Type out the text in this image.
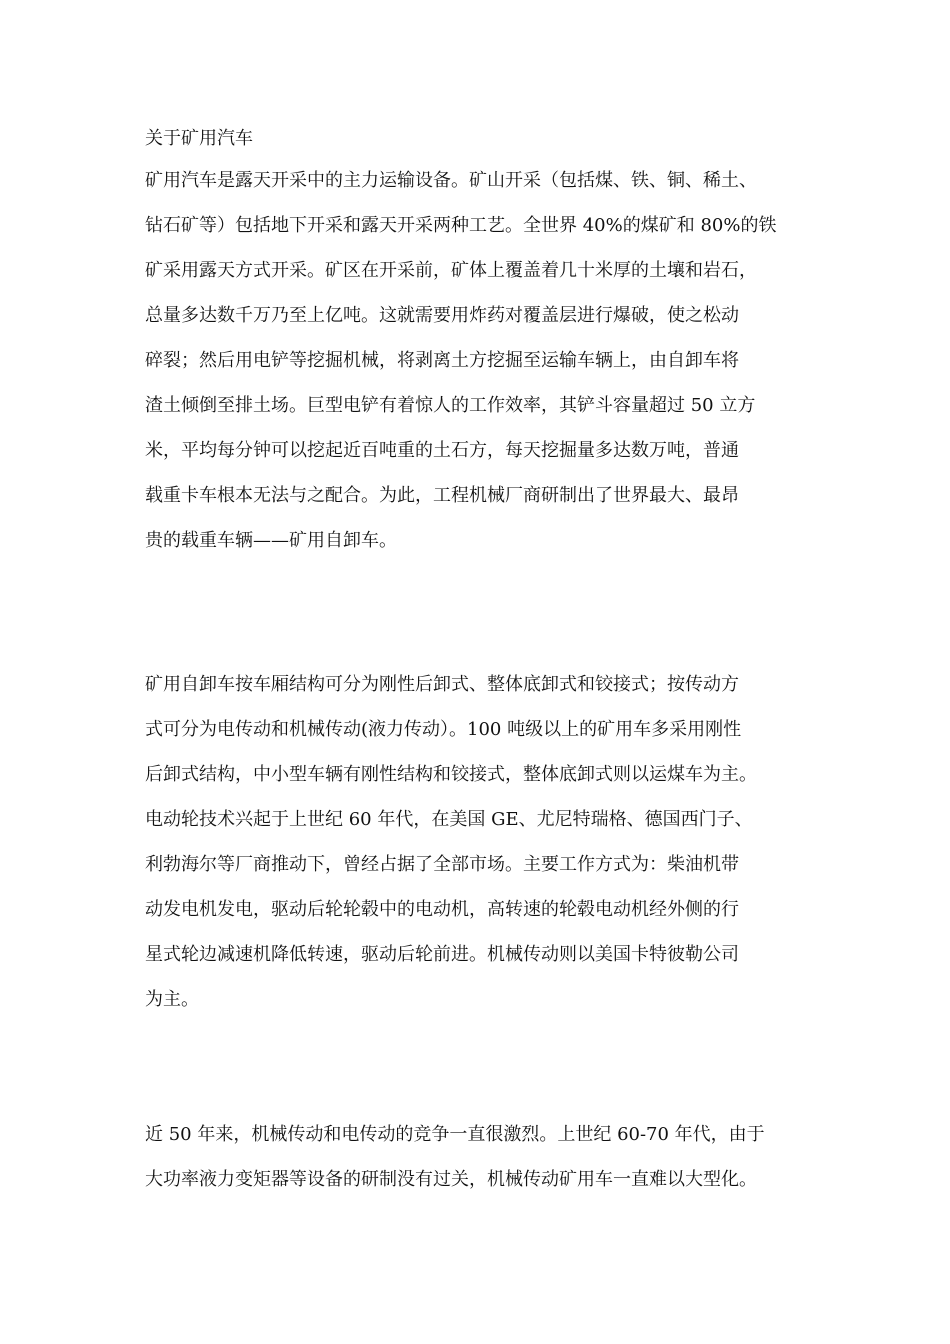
关于矿用汽车
矿用汽车是露天开采中的主力运输设备。矿山开采（包括煤、铁、铜、稀土、
钻石矿等）包括地下开采和露天开采两种工艺。全世界 40%的煤矿和 80%的铁
矿采用露天方式开采。矿区在开采前，矿体上覆盖着几十米厚的土壤和岩石，
总量多达数千万乃至上亿吨。这就需要用炸药对覆盖层进行爆破，使之松动
碎裂；然后用电铲等挖掘机械，将剥离土方挖掘至运输车辆上，由自卸车将
渣土倾倒至排土场。巨型电铲有着惊人的工作效率，其铲斗容量超过 50 立方
米，平均每分钟可以挖起近百吨重的土石方，每天挖掘量多达数万吨，普通
载重卡车根本无法与之配合。为此，工程机械厂商研制出了世界最大、最昂
贵的载重车辆——矿用自卸车。
矿用自卸车按车厢结构可分为刚性后卸式、整体底卸式和铰接式；按传动方
式可分为电传动和机械传动(液力传动）。100 吨级以上的矿用车多采用刚性
后卸式结构，中小型车辆有刚性结构和铰接式，整体底卸式则以运煤车为主。
电动轮技术兴起于上世纪 60 年代，在美国 GE、尤尼特瑞格、德国西门子、
利勃海尔等厂商推动下，曾经占据了全部市场。主要工作方式为：柴油机带
动发电机发电，驱动后轮轮毂中的电动机，高转速的轮毂电动机经外侧的行
星式轮边减速机降低转速，驱动后轮前进。机械传动则以美国卡特彼勒公司
为主。
近 50 年来，机械传动和电传动的竞争一直很激烈。上世纪 60-70 年代，由于
大功率液力变矩器等设备的研制没有过关，机械传动矿用车一直难以大型化。
